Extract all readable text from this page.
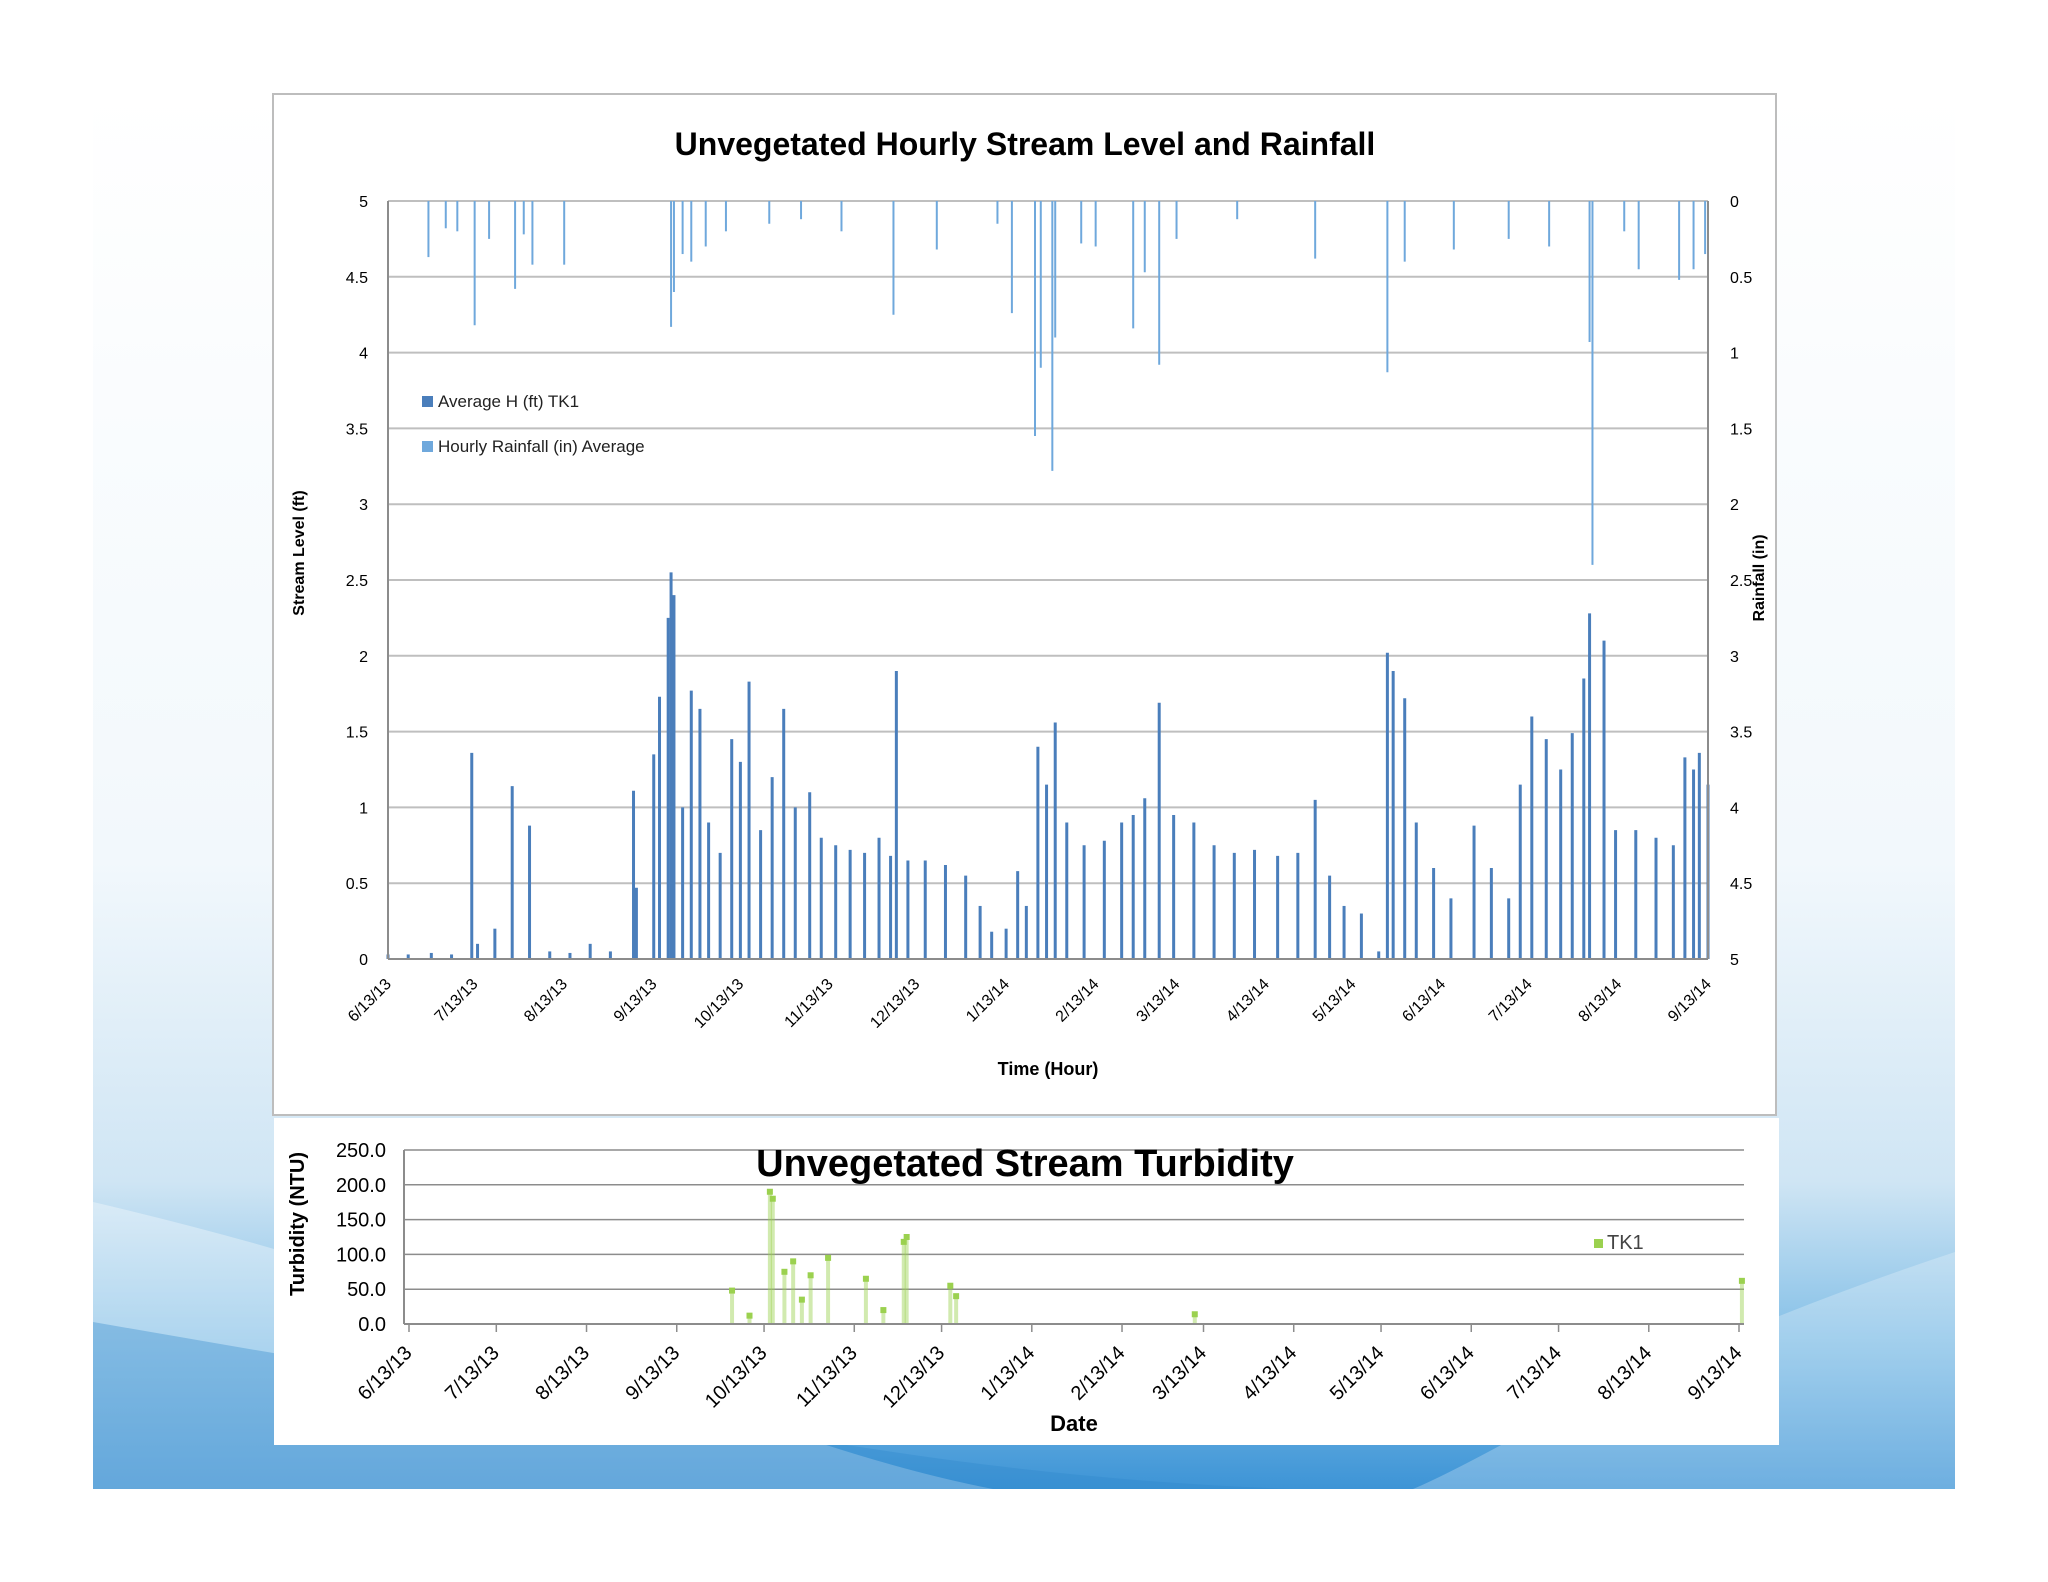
Unvegetated Hourly Stream Level and Rainfall
0
0.5
1
1.5
2
2.5
3
3.5
4
4.5
5	0
0.5
1
1.5
2
2.5
3
3.5
4
4.5
5
6/13/13 7/13/13 8/13/13 9/13/13 10/13/13 11/13/13 12/13/13 1/13/14 2/13/14 3/13/14 4/13/14 5/13/14 6/13/14 7/13/14 8/13/14 9/13/14
Stream Level (ft)	Rainfall (in)
Time (Hour)
Average H (ft) TK1
Hourly Rainfall (in) Average
0.0
50.0
100.0
150.0
200.0
250.0
6/13/13 7/13/13 8/13/13 9/13/13 10/13/13 11/13/13 12/13/13 1/13/14 2/13/14 3/13/14 4/13/14 5/13/14 6/13/14 7/13/14 8/13/14 9/13/14
Unvegetated Stream Turbidity
Turbidity (NTU)
Date
TK1
